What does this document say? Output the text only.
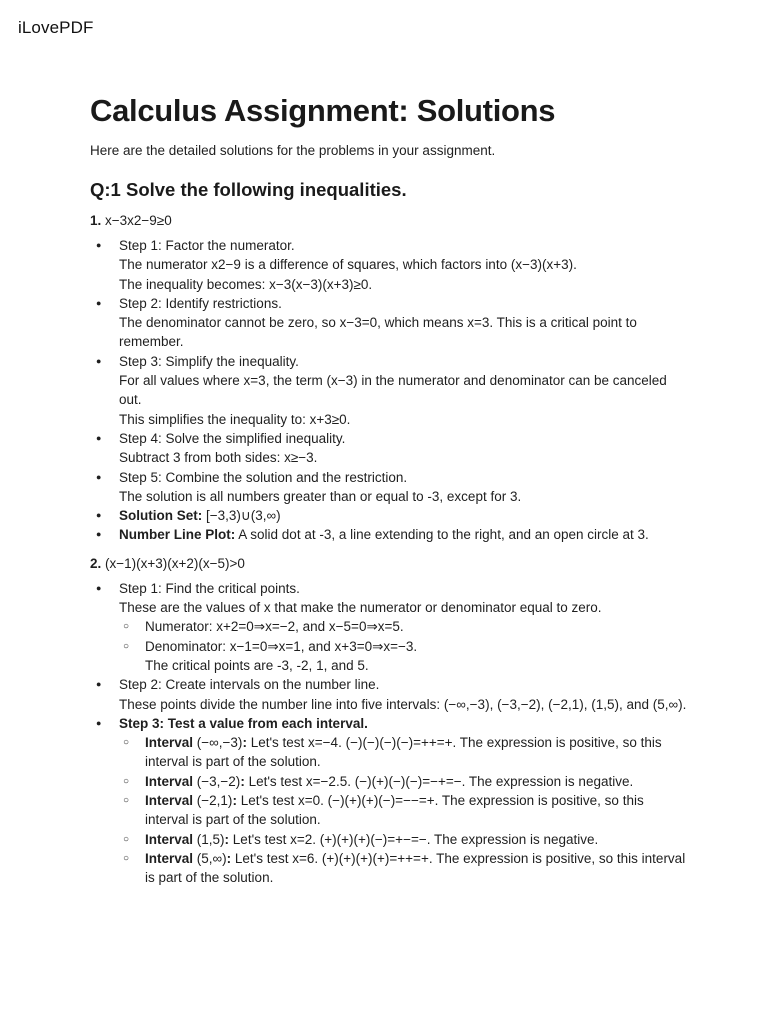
iLovePDF
Calculus Assignment: Solutions

Here are the detailed solutions for the problems in your assignment.

Q:1 Solve the following inequalities.

1. x−3x2−9≥0

● Step 1: Factor the numerator.
The numerator x2−9 is a difference of squares, which factors into (x−3)(x+3).
The inequality becomes: x−3(x−3)(x+3)≥0.
● Step 2: Identify restrictions.
The denominator cannot be zero, so x−3=0, which means x=3. This is a critical point to remember.
● Step 3: Simplify the inequality.
For all values where x=3, the term (x−3) in the numerator and denominator can be canceled out.
This simplifies the inequality to: x+3≥0.
● Step 4: Solve the simplified inequality.
Subtract 3 from both sides: x≥−3.
● Step 5: Combine the solution and the restriction.
The solution is all numbers greater than or equal to -3, except for 3.
● Solution Set: [−3,3)∪(3,∞)
● Number Line Plot: A solid dot at -3, a line extending to the right, and an open circle at 3.

2. (x−1)(x+3)(x+2)(x−5)>0

● Step 1: Find the critical points.
These are the values of x that make the numerator or denominator equal to zero.
○ Numerator: x+2=0⇒x=−2, and x−5=0⇒x=5.
○ Denominator: x−1=0⇒x=1, and x+3=0⇒x=−3.
The critical points are -3, -2, 1, and 5.
● Step 2: Create intervals on the number line.
These points divide the number line into five intervals: (−∞,−3), (−3,−2), (−2,1), (1,5), and (5,∞).
● Step 3: Test a value from each interval.
○ Interval (−∞,−3): Let's test x=−4. (−)(−)(−)(−)=++=+. The expression is positive, so this interval is part of the solution.
○ Interval (−3,−2): Let's test x=−2.5. (−)(+)(−)(−)=−+=−. The expression is negative.
○ Interval (−2,1): Let's test x=0. (−)(+)(+)(−)=−−=+. The expression is positive, so this interval is part of the solution.
○ Interval (1,5): Let's test x=2. (+)(+)(+)(−)=+−=−. The expression is negative.
○ Interval (5,∞): Let's test x=6. (+)(+)(+)(+)=++=+. The expression is positive, so this interval is part of the solution.
